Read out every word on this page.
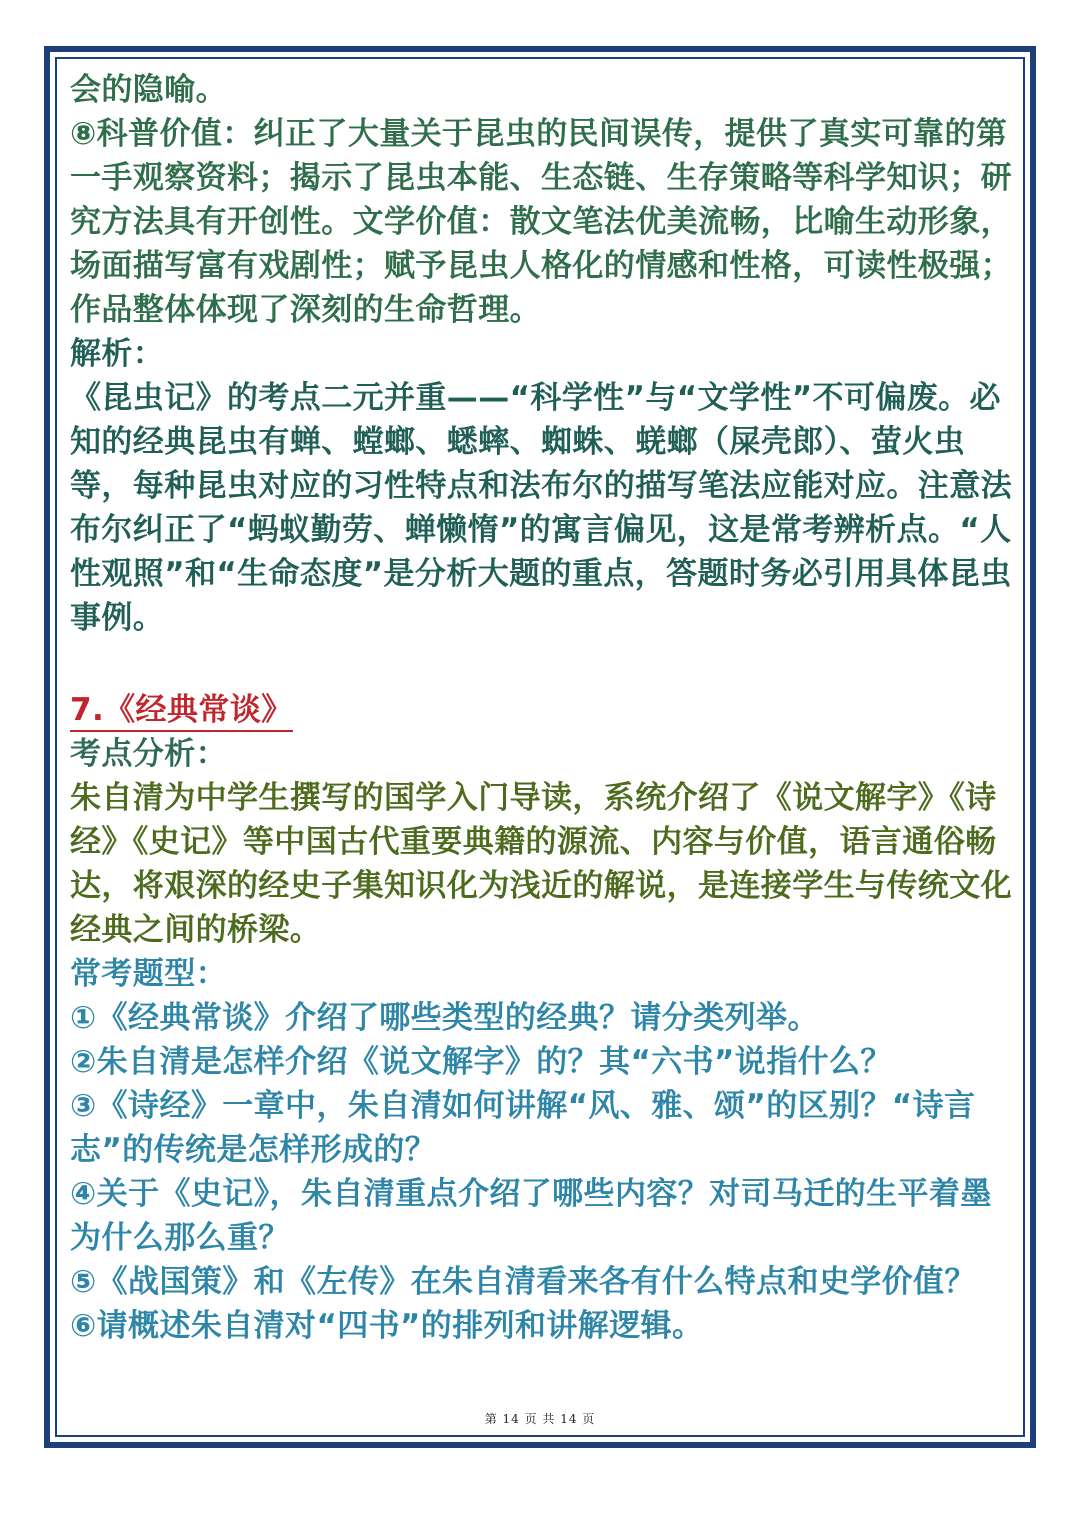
会的隐喻。

⑧科普价值：纠正了大量关于昆虫的民间误传，提供了真实可靠的第一手观察资料；揭示了昆虫本能、生态链、生存策略等科学知识；研究方法具有开创性。文学价值：散文笔法优美流畅，比喻生动形象，场面描写富有戏剧性；赋予昆虫人格化的情感和性格，可读性极强；作品整体体现了深刻的生命哲理。

解析：

《昆虫记》的考点二元并重——“科学性”与“文学性”不可偏废。必知的经典昆虫有蝉、螳螂、蟋蟀、蜘蛛、蜣螂（屎壳郎）、萤火虫等，每种昆虫对应的习性特点和法布尔的描写笔法应能对应。注意法布尔纠正了“蚂蚁勤劳、蝉懒惰”的寓言偏见，这是常考辨析点。“人性观照”和“生命态度”是分析大题的重点，答题时务必引用具体昆虫事例。

7.《经典常谈》

考点分析：

朱自清为中学生撰写的国学入门导读，系统介绍了《说文解字》《诗经》《史记》等中国古代重要典籍的源流、内容与价值，语言通俗畅达，将艰深的经史子集知识化为浅近的解说，是连接学生与传统文化经典之间的桥梁。

常考题型：

①《经典常谈》介绍了哪些类型的经典？请分类列举。

②朱自清是怎样介绍《说文解字》的？其“六书”说指什么？

③《诗经》一章中，朱自清如何讲解“风、雅、颂”的区别？“诗言志”的传统是怎样形成的？

④关于《史记》，朱自清重点介绍了哪些内容？对司马迁的生平着墨为什么那么重？

⑤《战国策》和《左传》在朱自清看来各有什么特点和史学价值？

⑥请概述朱自清对“四书”的排列和讲解逻辑。

第 14 页 共 14 页
